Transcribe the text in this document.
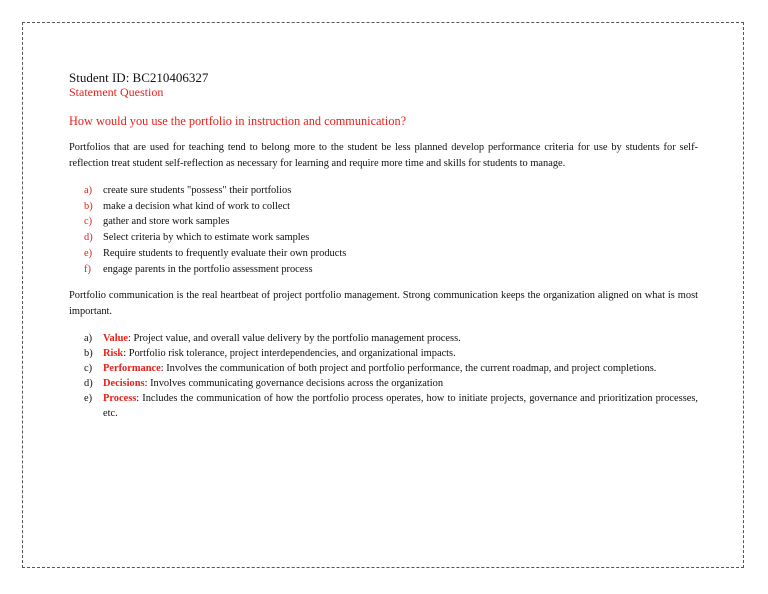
Student ID: BC210406327

Statement Question

How would you use the portfolio in instruction and communication?

Portfolios that are used for teaching tend to belong more to the student be less planned develop performance criteria for use by students for self-reflection treat student self-reflection as necessary for learning and require more time and skills for students to manage.

a)	create sure students "possess" their portfolios
b) make a decision what kind of work to collect
c)	gather and store work samples
d) Select criteria by which to estimate work samples
e)	Require students to frequently evaluate their own products
f)	engage parents in the portfolio assessment process

Portfolio communication is the real heartbeat of project portfolio management. Strong communication keeps the organization aligned on what is most important.

a)	Value: Project value, and overall value delivery by the portfolio management process.
b) Risk: Portfolio risk tolerance, project interdependencies, and organizational impacts.
c)	Performance: Involves the communication of both project and portfolio performance, the current roadmap, and project completions.
d) Decisions: Involves communicating governance decisions across the organization
e)	Process: Includes the communication of how the portfolio process operates, how to initiate projects, governance and prioritization processes, etc.
